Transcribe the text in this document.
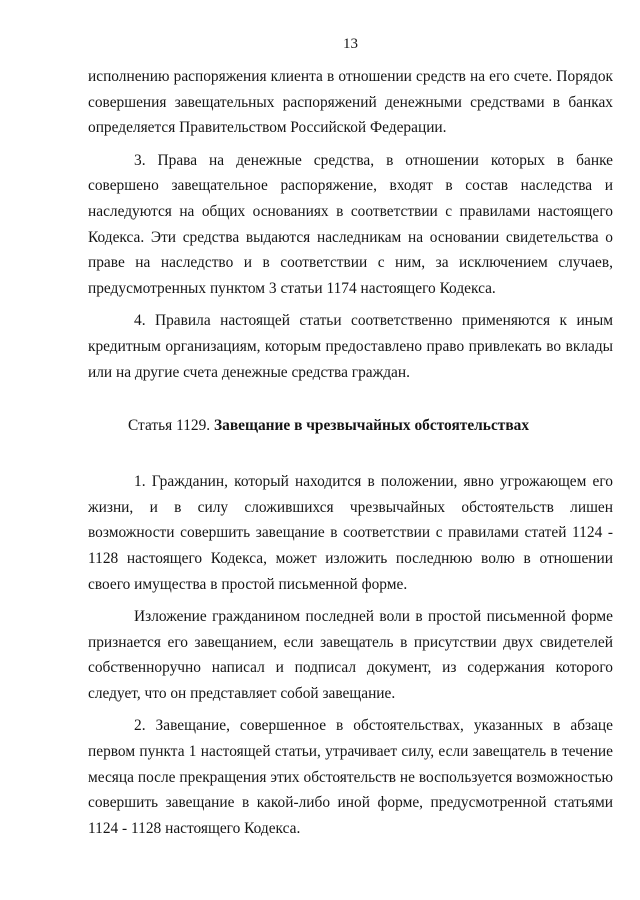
13

исполнению распоряжения клиента в отношении средств на его счете. Порядок совершения завещательных распоряжений денежными средствами в банках определяется Правительством Российской Федерации.

3. Права на денежные средства, в отношении которых в банке совершено завещательное распоряжение, входят в состав наследства и наследуются на общих основаниях в соответствии с правилами настоящего Кодекса. Эти средства выдаются наследникам на основании свидетельства о праве на наследство и в соответствии с ним, за исключением случаев, предусмотренных пунктом 3 статьи 1174 настоящего Кодекса.

4. Правила настоящей статьи соответственно применяются к иным кредитным организациям, которым предоставлено право привлекать во вклады или на другие счета денежные средства граждан.

Статья 1129. Завещание в чрезвычайных обстоятельствах

1. Гражданин, который находится в положении, явно угрожающем его жизни, и в силу сложившихся чрезвычайных обстоятельств лишен возможности совершить завещание в соответствии с правилами статей 1124 - 1128 настоящего Кодекса, может изложить последнюю волю в отношении своего имущества в простой письменной форме.

Изложение гражданином последней воли в простой письменной форме признается его завещанием, если завещатель в присутствии двух свидетелей собственноручно написал и подписал документ, из содержания которого следует, что он представляет собой завещание.

2. Завещание, совершенное в обстоятельствах, указанных в абзаце первом пункта 1 настоящей статьи, утрачивает силу, если завещатель в течение месяца после прекращения этих обстоятельств не воспользуется возможностью совершить завещание в какой-либо иной форме, предусмотренной статьями 1124 - 1128 настоящего Кодекса.
